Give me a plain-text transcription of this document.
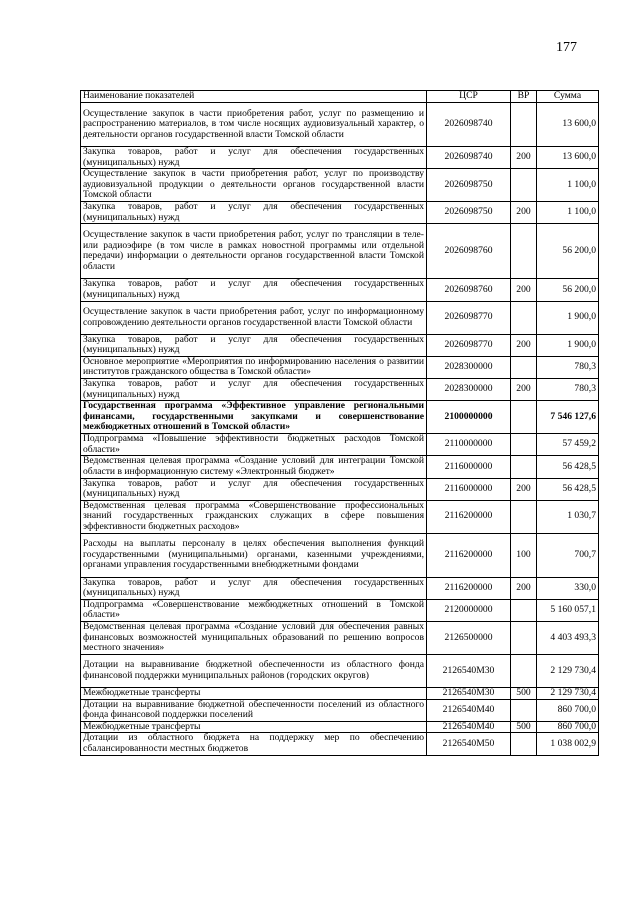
177
Наименование показателей	ЦСР	ВР	Сумма
Осуществление закупок в части приобретения работ, услуг по размещению и распространению материалов, в том числе носящих аудиовизуальный характер, о деятельности органов государственной власти Томской области	2026098740		13 600,0
Закупка товаров, работ и услуг для обеспечения государственных (муниципальных) нужд	2026098740	200	13 600,0
Осуществление закупок в части приобретения работ, услуг по производству аудиовизуальной продукции о деятельности органов государственной власти Томской области	2026098750		1 100,0
Закупка товаров, работ и услуг для обеспечения государственных (муниципальных) нужд	2026098750	200	1 100,0
Осуществление закупок в части приобретения работ, услуг по трансляции в теле- или радиоэфире (в том числе в рамках новостной программы или отдельной передачи) информации о деятельности органов государственной власти Томской области	2026098760		56 200,0
Закупка товаров, работ и услуг для обеспечения государственных (муниципальных) нужд	2026098760	200	56 200,0
Осуществление закупок в части приобретения работ, услуг по информационному сопровождению деятельности органов государственной власти Томской области	2026098770		1 900,0
Закупка товаров, работ и услуг для обеспечения государственных (муниципальных) нужд	2026098770	200	1 900,0
Основное мероприятие «Мероприятия по информированию населения о развитии институтов гражданского общества в Томской области»	2028300000		780,3
Закупка товаров, работ и услуг для обеспечения государственных (муниципальных) нужд	2028300000	200	780,3
Государственная программа «Эффективное управление региональными финансами, государственными закупками и совершенствование межбюджетных отношений в Томской области»	2100000000		7 546 127,6
Подпрограмма «Повышение эффективности бюджетных расходов Томской области»	2110000000		57 459,2
Ведомственная целевая программа «Создание условий для интеграции Томской области в информационную систему «Электронный бюджет»	2116000000		56 428,5
Закупка товаров, работ и услуг для обеспечения государственных (муниципальных) нужд	2116000000	200	56 428,5
Ведомственная целевая программа «Совершенствование профессиональных знаний государственных гражданских служащих в сфере повышения эффективности бюджетных расходов»	2116200000		1 030,7
Расходы на выплаты персоналу в целях обеспечения выполнения функций государственными (муниципальными) органами, казенными учреждениями, органами управления государственными внебюджетными фондами	2116200000	100	700,7
Закупка товаров, работ и услуг для обеспечения государственных (муниципальных) нужд	2116200000	200	330,0
Подпрограмма «Совершенствование межбюджетных отношений в Томской области»	2120000000		5 160 057,1
Ведомственная целевая программа «Создание условий для обеспечения равных финансовых возможностей муниципальных образований по решению вопросов местного значения»	2126500000		4 403 493,3
Дотации на выравнивание бюджетной обеспеченности из областного фонда финансовой поддержки муниципальных районов (городских округов)	2126540М30		2 129 730,4
Межбюджетные трансферты	2126540М30	500	2 129 730,4
Дотации на выравнивание бюджетной обеспеченности поселений из областного фонда финансовой поддержки поселений	2126540М40		860 700,0
Межбюджетные трансферты	2126540М40	500	860 700,0
Дотации из областного бюджета на поддержку мер по обеспечению сбалансированности местных бюджетов	2126540М50		1 038 002,9
